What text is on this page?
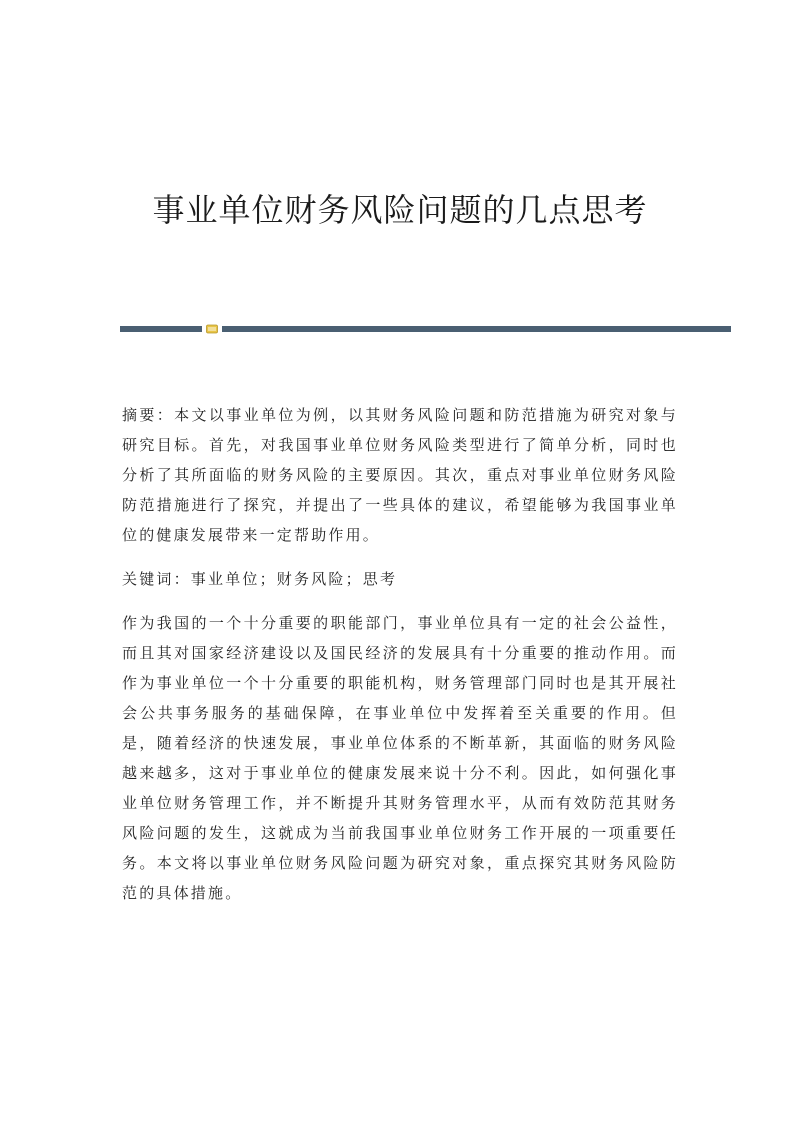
事业单位财务风险问题的几点思考

摘要：本文以事业单位为例，以其财务风险问题和防范措施为研究对象与研究目标。首先，对我国事业单位财务风险类型进行了简单分析，同时也分析了其所面临的财务风险的主要原因。其次，重点对事业单位财务风险防范措施进行了探究，并提出了一些具体的建议，希望能够为我国事业单位的健康发展带来一定帮助作用。

关键词：事业单位；财务风险；思考

作为我国的一个十分重要的职能部门，事业单位具有一定的社会公益性，而且其对国家经济建设以及国民经济的发展具有十分重要的推动作用。而作为事业单位一个十分重要的职能机构，财务管理部门同时也是其开展社会公共事务服务的基础保障，在事业单位中发挥着至关重要的作用。但是，随着经济的快速发展，事业单位体系的不断革新，其面临的财务风险越来越多，这对于事业单位的健康发展来说十分不利。因此，如何强化事业单位财务管理工作，并不断提升其财务管理水平，从而有效防范其财务风险问题的发生，这就成为当前我国事业单位财务工作开展的一项重要任务。本文将以事业单位财务风险问题为研究对象，重点探究其财务风险防范的具体措施。
